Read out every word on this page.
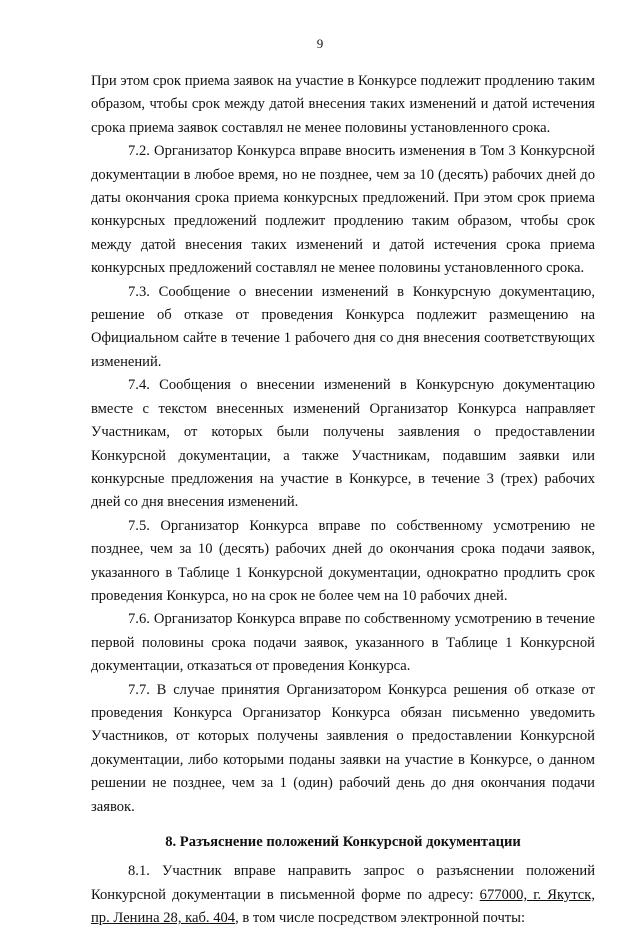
9

При этом срок приема заявок на участие в Конкурсе подлежит продлению таким образом, чтобы срок между датой внесения таких изменений и датой истечения срока приема заявок составлял не менее половины установленного срока.

7.2. Организатор Конкурса вправе вносить изменения в Том 3 Конкурсной документации в любое время, но не позднее, чем за 10 (десять) рабочих дней до даты окончания срока приема конкурсных предложений. При этом срок приема конкурсных предложений подлежит продлению таким образом, чтобы срок между датой внесения таких изменений и датой истечения срока приема конкурсных предложений составлял не менее половины установленного срока.

7.3. Сообщение о внесении изменений в Конкурсную документацию, решение об отказе от проведения Конкурса подлежит размещению на Официальном сайте в течение 1 рабочего дня со дня внесения соответствующих изменений.

7.4. Сообщения о внесении изменений в Конкурсную документацию вместе с текстом внесенных изменений Организатор Конкурса направляет Участникам, от которых были получены заявления о предоставлении Конкурсной документации, а также Участникам, подавшим заявки или конкурсные предложения на участие в Конкурсе, в течение 3 (трех) рабочих дней со дня внесения изменений.

7.5. Организатор Конкурса вправе по собственному усмотрению не позднее, чем за 10 (десять) рабочих дней до окончания срока подачи заявок, указанного в Таблице 1 Конкурсной документации, однократно продлить срок проведения Конкурса, но на срок не более чем на 10 рабочих дней.

7.6. Организатор Конкурса вправе по собственному усмотрению в течение первой половины срока подачи заявок, указанного в Таблице 1 Конкурсной документации, отказаться от проведения Конкурса.

7.7. В случае принятия Организатором Конкурса решения об отказе от проведения Конкурса Организатор Конкурса обязан письменно уведомить Участников, от которых получены заявления о предоставлении Конкурсной документации, либо которыми поданы заявки на участие в Конкурсе, о данном решении не позднее, чем за 1 (один) рабочий день до дня окончания подачи заявок.

8. Разъяснение положений Конкурсной документации

8.1. Участник вправе направить запрос о разъяснении положений Конкурсной документации в письменной форме по адресу: 677000, г. Якутск, пр. Ленина 28, каб. 404, в том числе посредством электронной почты:
